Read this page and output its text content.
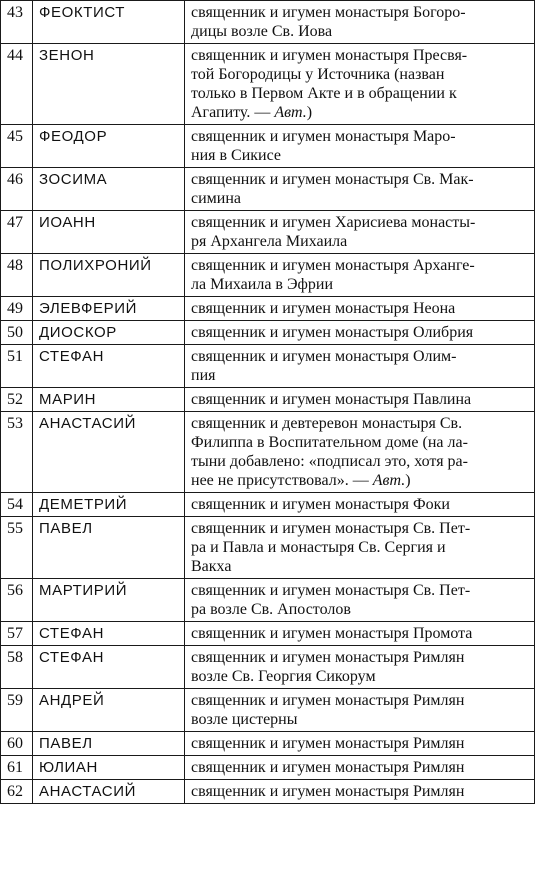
43	ФЕОКТИСТ	священник и игумен монастыря Богоро-
дицы возле Св. Иова
44	ЗЕНОН	священник и игумен монастыря Пресвя-
той Богородицы у Источника (назван
только в Первом Акте и в обращении к
Агапиту. — Авт.)
45	ФЕОДОР	священник и игумен монастыря Маро-
ния в Сикисе
46	ЗОСИМА	священник и игумен монастыря Св. Мак-
симина
47	ИОАНН	священник и игумен Харисиева монасты-
ря Архангела Михаила
48	ПОЛИХРОНИЙ	священник и игумен монастыря Арханге-
ла Михаила в Эфрии
49	ЭЛЕВФЕРИЙ	священник и игумен монастыря Неона
50	ДИОСКОР	священник и игумен монастыря Олибрия
51	СТЕФАН	священник и игумен монастыря Олим-
пия
52	МАРИН	священник и игумен монастыря Павлина
53	АНАСТАСИЙ	священник и девтеревон монастыря Св.
Филиппа в Воспитательном доме (на ла-
тыни добавлено: «подписал это, хотя ра-
нее не присутствовал». — Авт.)
54	ДЕМЕТРИЙ	священник и игумен монастыря Фоки
55	ПАВЕЛ	священник и игумен монастыря Св. Пет-
ра и Павла и монастыря Св. Сергия и
Вакха
56	МАРТИРИЙ	священник и игумен монастыря Св. Пет-
ра возле Св. Апостолов
57	СТЕФАН	священник и игумен монастыря Промота
58	СТЕФАН	священник и игумен монастыря Римлян
возле Св. Георгия Сикорум
59	АНДРЕЙ	священник и игумен монастыря Римлян
возле цистерны
60	ПАВЕЛ	священник и игумен монастыря Римлян
61	ЮЛИАН	священник и игумен монастыря Римлян
62	АНАСТАСИЙ	священник и игумен монастыря Римлян
